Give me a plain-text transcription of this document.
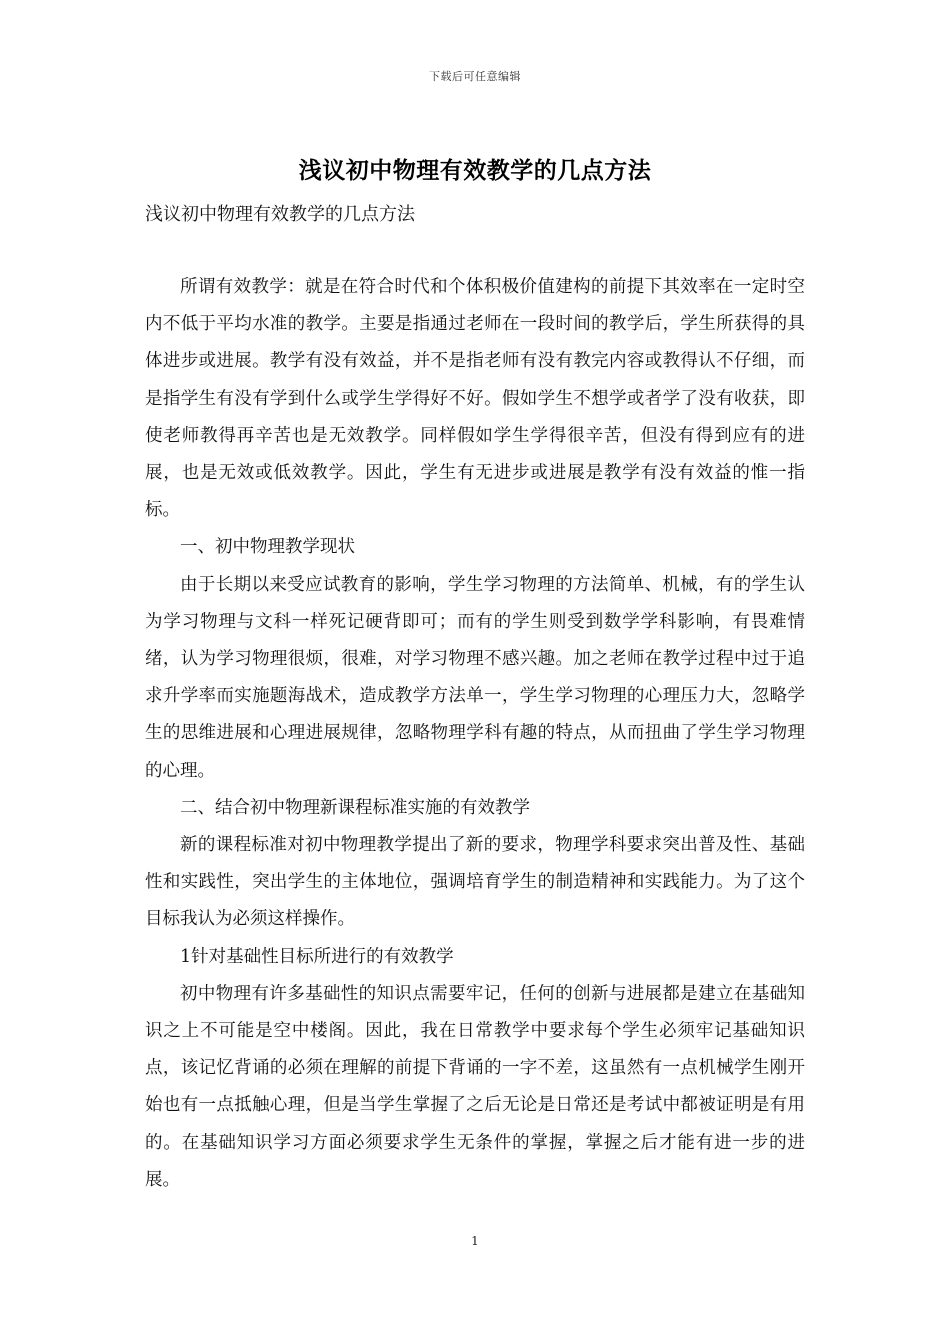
下载后可任意编辑
浅议初中物理有效教学的几点方法
浅议初中物理有效教学的几点方法

所谓有效教学：就是在符合时代和个体积极价值建构的前提下其效率在一定时空内不低于平均水准的教学。主要是指通过老师在一段时间的教学后，学生所获得的具体进步或进展。教学有没有效益，并不是指老师有没有教完内容或教得认不仔细，而是指学生有没有学到什么或学生学得好不好。假如学生不想学或者学了没有收获，即使老师教得再辛苦也是无效教学。同样假如学生学得很辛苦，但没有得到应有的进展，也是无效或低效教学。因此，学生有无进步或进展是教学有没有效益的惟一指标。

一、初中物理教学现状

由于长期以来受应试教育的影响，学生学习物理的方法简单、机械，有的学生认为学习物理与文科一样死记硬背即可；而有的学生则受到数学学科影响，有畏难情绪，认为学习物理很烦，很难，对学习物理不感兴趣。加之老师在教学过程中过于追求升学率而实施题海战术，造成教学方法单一，学生学习物理的心理压力大，忽略学生的思维进展和心理进展规律，忽略物理学科有趣的特点，从而扭曲了学生学习物理的心理。

二、结合初中物理新课程标准实施的有效教学

新的课程标准对初中物理教学提出了新的要求，物理学科要求突出普及性、基础性和实践性，突出学生的主体地位，强调培育学生的制造精神和实践能力。为了这个目标我认为必须这样操作。

1针对基础性目标所进行的有效教学

初中物理有许多基础性的知识点需要牢记，任何的创新与进展都是建立在基础知识之上不可能是空中楼阁。因此，我在日常教学中要求每个学生必须牢记基础知识点，该记忆背诵的必须在理解的前提下背诵的一字不差，这虽然有一点机械学生刚开始也有一点抵触心理，但是当学生掌握了之后无论是日常还是考试中都被证明是有用的。在基础知识学习方面必须要求学生无条件的掌握，掌握之后才能有进一步的进展。

1
